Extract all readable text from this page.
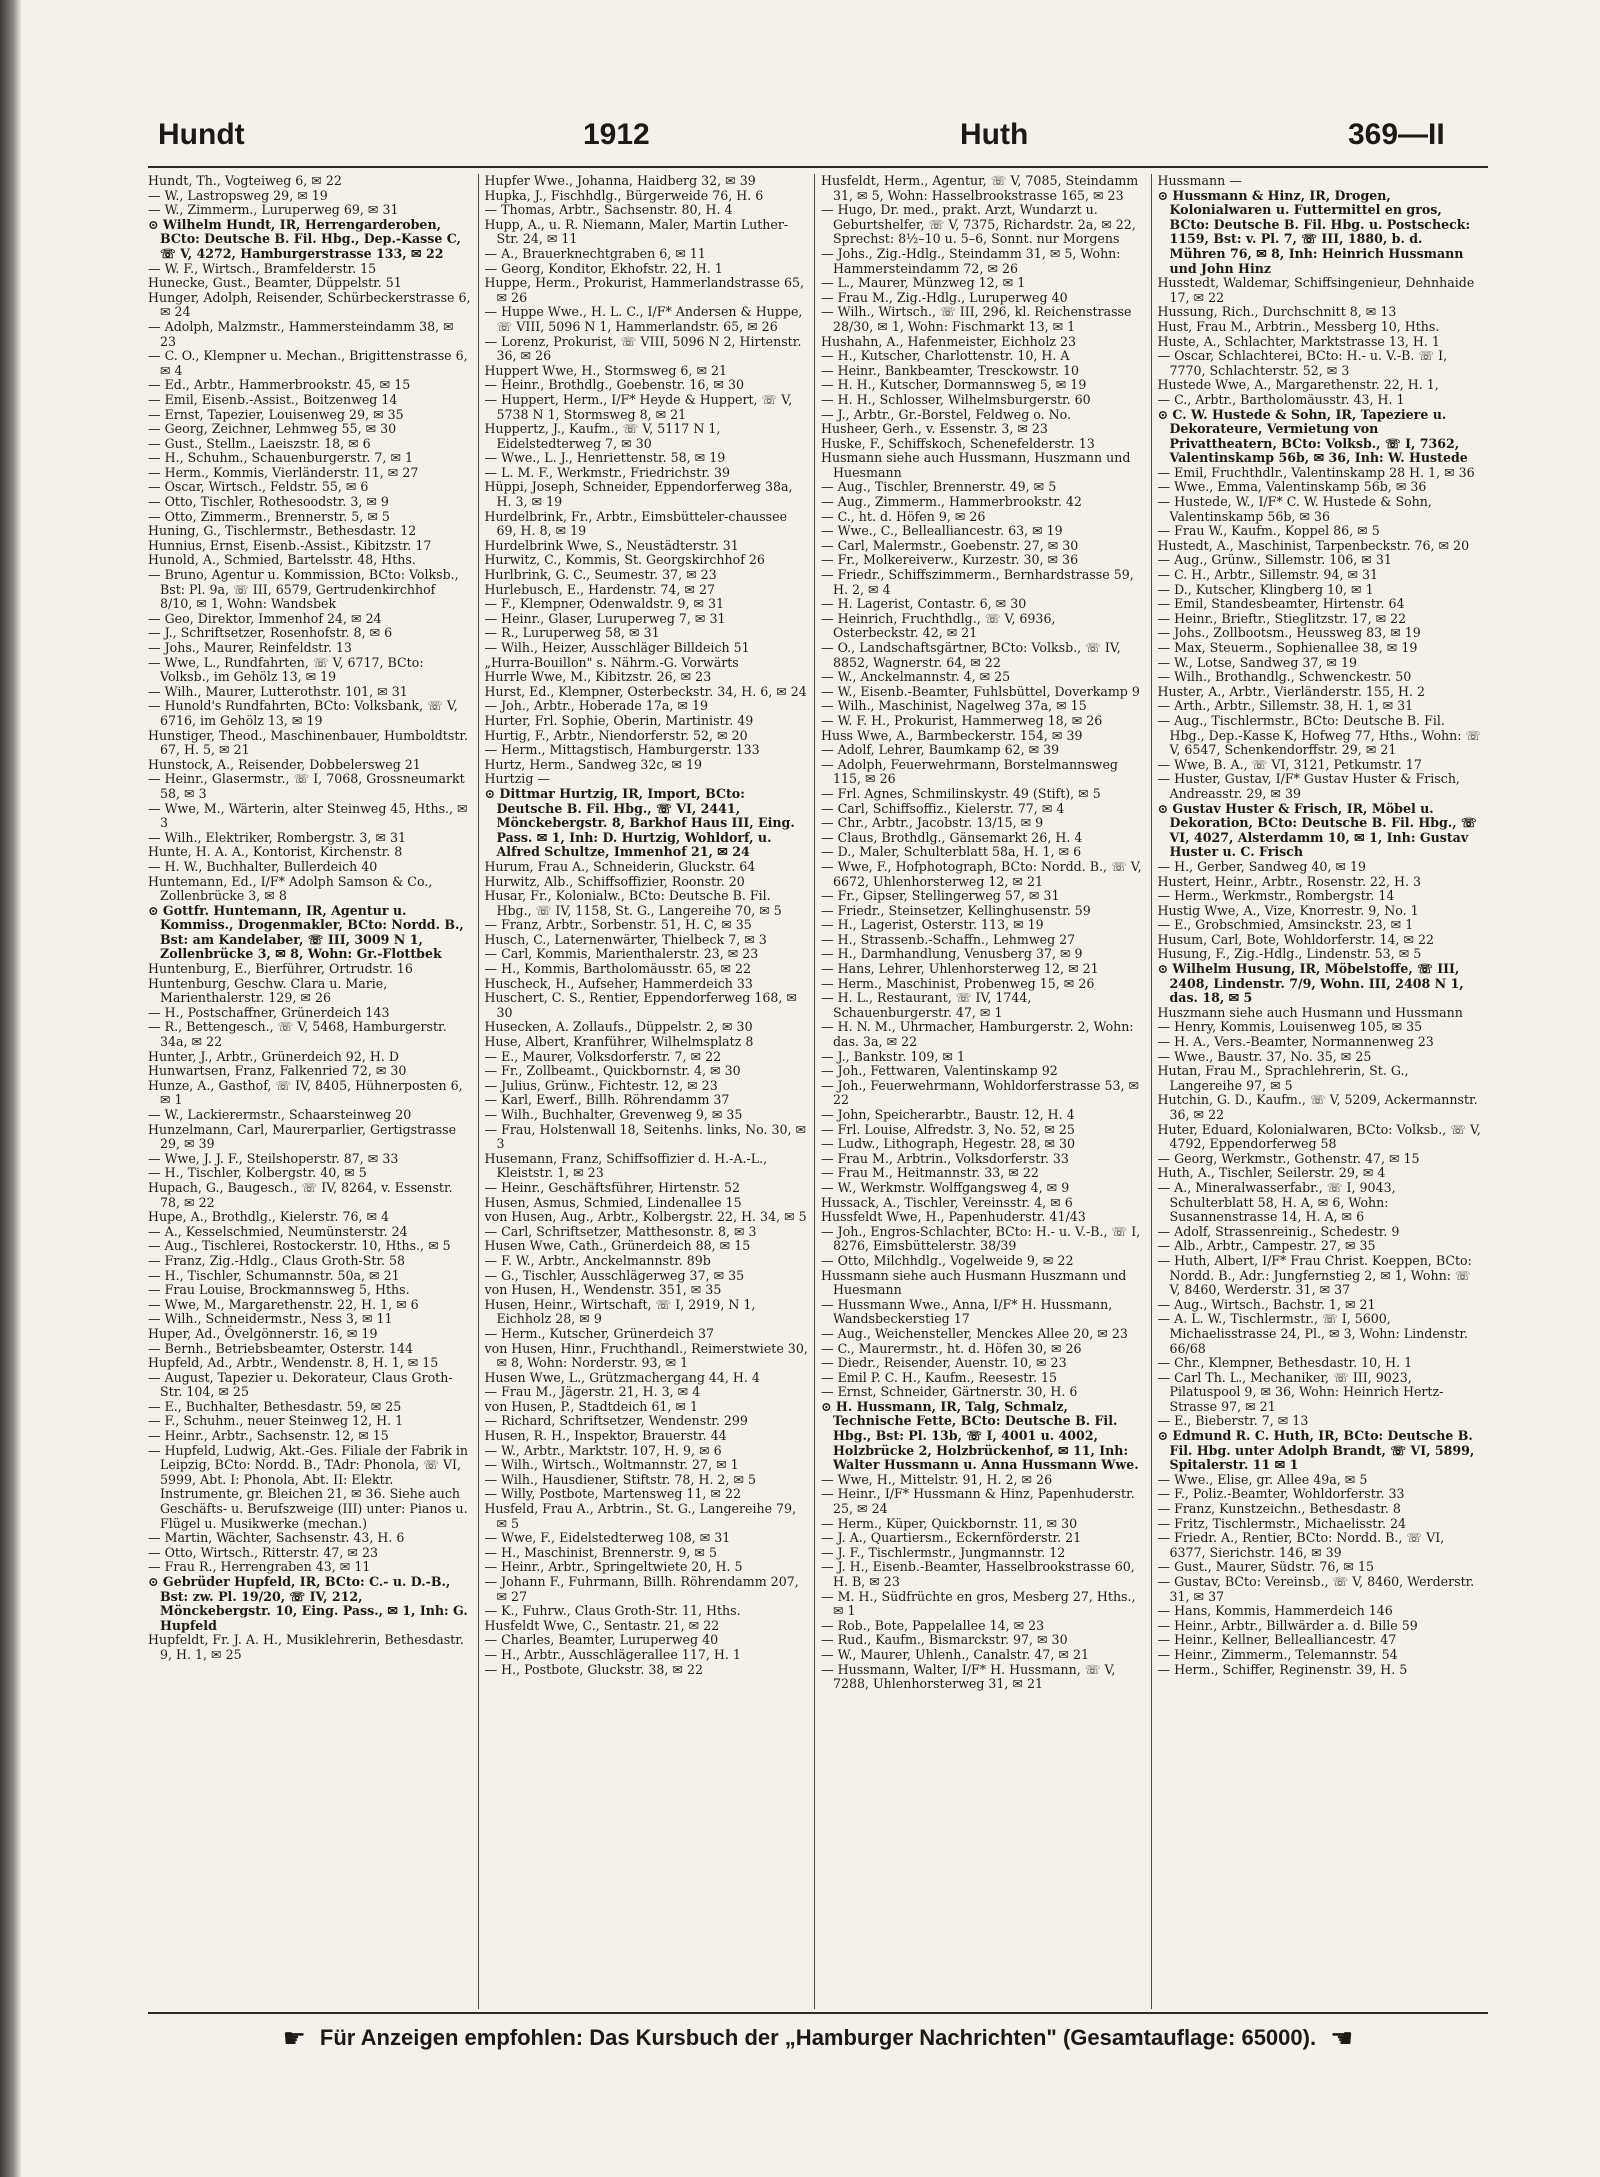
Hundt	1912	Huth	369—II

Hundt, Th., Vogteiweg 6, ✉ 22

— W., Lastropsweg 29, ✉ 19

— W., Zimmerm., Luruperweg 69, ✉ 31

⊙ Wilhelm Hundt, IR, Herrengarderoben, BCto: Deutsche B. Fil. Hbg., Dep.-Kasse C, ☏ V, 4272, Hamburgerstrasse 133, ✉ 22

— W. F., Wirtsch., Bramfelderstr. 15

Hunecke, Gust., Beamter, Düppelstr. 51

Hunger, Adolph, Reisender, Schürbeckerstrasse 6, ✉ 24

— Adolph, Malzmstr., Hammersteindamm 38, ✉ 23

— C. O., Klempner u. Mechan., Brigittenstrasse 6, ✉ 4

— Ed., Arbtr., Hammerbrookstr. 45, ✉ 15

— Emil, Eisenb.-Assist., Boitzenweg 14

— Ernst, Tapezier, Louisenweg 29, ✉ 35

— Georg, Zeichner, Lehmweg 55, ✉ 30

— Gust., Stellm., Laeiszstr. 18, ✉ 6

— H., Schuhm., Schauenburgerstr. 7, ✉ 1

— Herm., Kommis, Vierländerstr. 11, ✉ 27

— Oscar, Wirtsch., Feldstr. 55, ✉ 6

— Otto, Tischler, Rothesoodstr. 3, ✉ 9

— Otto, Zimmerm., Brennerstr. 5, ✉ 5

Huning, G., Tischlermstr., Bethesdastr. 12

Hunnius, Ernst, Eisenb.-Assist., Kibitzstr. 17

Hunold, A., Schmied, Bartelsstr. 48, Hths.

— Bruno, Agentur u. Kommission, BCto: Volksb., Bst: Pl. 9a, ☏ III, 6579, Gertrudenkirchhof 8/10, ✉ 1, Wohn: Wandsbek

— Geo, Direktor, Immenhof 24, ✉ 24

— J., Schriftsetzer, Rosenhofstr. 8, ✉ 6

— Johs., Maurer, Reinfeldstr. 13

— Wwe, L., Rundfahrten, ☏ V, 6717, BCto: Volksb., im Gehölz 13, ✉ 19

— Wilh., Maurer, Lutterothstr. 101, ✉ 31

— Hunold's Rundfahrten, BCto: Volksbank, ☏ V, 6716, im Gehölz 13, ✉ 19

Hunstiger, Theod., Maschinenbauer, Humboldtstr. 67, H. 5, ✉ 21

Hunstock, A., Reisender, Dobbelersweg 21

— Heinr., Glasermstr., ☏ I, 7068, Grossneumarkt 58, ✉ 3

— Wwe, M., Wärterin, alter Steinweg 45, Hths., ✉ 3

— Wilh., Elektriker, Rombergstr. 3, ✉ 31

Hunte, H. A. A., Kontorist, Kirchenstr. 8

— H. W., Buchhalter, Bullerdeich 40

Huntemann, Ed., I/F* Adolph Samson & Co., Zollenbrücke 3, ✉ 8

⊙ Gottfr. Huntemann, IR, Agentur u. Kommiss., Drogenmakler, BCto: Nordd. B., Bst: am Kandelaber, ☏ III, 3009 N 1, Zollenbrücke 3, ✉ 8, Wohn: Gr.-Flottbek

Huntenburg, E., Bierführer, Ortrudstr. 16

Huntenburg, Geschw. Clara u. Marie, Marienthalerstr. 129, ✉ 26

— H., Postschaffner, Grünerdeich 143

— R., Bettengesch., ☏ V, 5468, Hamburgerstr. 34a, ✉ 22

Hunter, J., Arbtr., Grünerdeich 92, H. D

Hunwartsen, Franz, Falkenried 72, ✉ 30

Hunze, A., Gasthof, ☏ IV, 8405, Hühnerposten 6, ✉ 1

— W., Lackierermstr., Schaarsteinweg 20

Hunzelmann, Carl, Maurerparlier, Gertigstrasse 29, ✉ 39

— Wwe, J. J. F., Steilshoperstr. 87, ✉ 33

— H., Tischler, Kolbergstr. 40, ✉ 5

Hupach, G., Baugesch., ☏ IV, 8264, v. Essenstr. 78, ✉ 22

Hupe, A., Brothdlg., Kielerstr. 76, ✉ 4

— A., Kesselschmied, Neumünsterstr. 24

— Aug., Tischlerei, Rostockerstr. 10, Hths., ✉ 5

— Franz, Zig.-Hdlg., Claus Groth-Str. 58

— H., Tischler, Schumannstr. 50a, ✉ 21

— Frau Louise, Brockmannsweg 5, Hths.

— Wwe, M., Margarethenstr. 22, H. 1, ✉ 6

— Wilh., Schneidermstr., Ness 3, ✉ 11

Huper, Ad., Övelgönnerstr. 16, ✉ 19

— Bernh., Betriebsbeamter, Osterstr. 144

Hupfeld, Ad., Arbtr., Wendenstr. 8, H. 1, ✉ 15

— August, Tapezier u. Dekorateur, Claus Groth-Str. 104, ✉ 25

— E., Buchhalter, Bethesdastr. 59, ✉ 25

— F., Schuhm., neuer Steinweg 12, H. 1

— Heinr., Arbtr., Sachsenstr. 12, ✉ 15

— Hupfeld, Ludwig, Akt.-Ges. Filiale der Fabrik in Leipzig, BCto: Nordd. B., TAdr: Phonola, ☏ VI, 5999, Abt. I: Phonola, Abt. II: Elektr. Instrumente, gr. Bleichen 21, ✉ 36. Siehe auch Geschäfts- u. Berufszweige (III) unter: Pianos u. Flügel u. Musikwerke (mechan.)

— Martin, Wächter, Sachsenstr. 43, H. 6

— Otto, Wirtsch., Ritterstr. 47, ✉ 23

— Frau R., Herrengraben 43, ✉ 11

⊙ Gebrüder Hupfeld, IR, BCto: C.- u. D.-B., Bst: zw. Pl. 19/20, ☏ IV, 212, Mönckebergstr. 10, Eing. Pass., ✉ 1, Inh: G. Hupfeld

Hupfeldt, Fr. J. A. H., Musiklehrerin, Bethesdastr. 9, H. 1, ✉ 25

Hupfer Wwe., Johanna, Haidberg 32, ✉ 39

Hupka, J., Fischhdlg., Bürgerweide 76, H. 6

— Thomas, Arbtr., Sachsenstr. 80, H. 4

Hupp, A., u. R. Niemann, Maler, Martin Luther-Str. 24, ✉ 11

— A., Brauerknechtgraben 6, ✉ 11

— Georg, Konditor, Ekhofstr. 22, H. 1

Huppe, Herm., Prokurist, Hammerlandstrasse 65, ✉ 26

— Huppe Wwe., H. L. C., I/F* Andersen & Huppe, ☏ VIII, 5096 N 1, Hammerlandstr. 65, ✉ 26

— Lorenz, Prokurist, ☏ VIII, 5096 N 2, Hirtenstr. 36, ✉ 26

Huppert Wwe, H., Stormsweg 6, ✉ 21

— Heinr., Brothdlg., Goebenstr. 16, ✉ 30

— Huppert, Herm., I/F* Heyde & Huppert, ☏ V, 5738 N 1, Stormsweg 8, ✉ 21

Huppertz, J., Kaufm., ☏ V, 5117 N 1, Eidelstedterweg 7, ✉ 30

— Wwe., L. J., Henriettenstr. 58, ✉ 19

— L. M. F., Werkmstr., Friedrichstr. 39

Hüppi, Joseph, Schneider, Eppendorferweg 38a, H. 3, ✉ 19

Hurdelbrink, Fr., Arbtr., Eimsbütteler-chaussee 69, H. 8, ✉ 19

Hurdelbrink Wwe, S., Neustädterstr. 31

Hurwitz, C., Kommis, St. Georgskirchhof 26

Hurlbrink, G. C., Seumestr. 37, ✉ 23

Hurlebusch, E., Hardenstr. 74, ✉ 27

— F., Klempner, Odenwaldstr. 9, ✉ 31

— Heinr., Glaser, Luruperweg 7, ✉ 31

— R., Luruperweg 58, ✉ 31

— Wilh., Heizer, Ausschläger Billdeich 51

„Hurra-Bouillon" s. Nährm.-G. Vorwärts

Hurrle Wwe, M., Kibitzstr. 26, ✉ 23

Hurst, Ed., Klempner, Osterbeckstr. 34, H. 6, ✉ 24

— Joh., Arbtr., Hoberade 17a, ✉ 19

Hurter, Frl. Sophie, Oberin, Martinistr. 49

Hurtig, F., Arbtr., Niendorferstr. 52, ✉ 20

— Herm., Mittagstisch, Hamburgerstr. 133

Hurtz, Herm., Sandweg 32c, ✉ 19

Hurtzig —

⊙ Dittmar Hurtzig, IR, Import, BCto: Deutsche B. Fil. Hbg., ☏ VI, 2441, Mönckebergstr. 8, Barkhof Haus III, Eing. Pass. ✉ 1, Inh: D. Hurtzig, Wohldorf, u. Alfred Schultze, Immenhof 21, ✉ 24

Hurum, Frau A., Schneiderin, Gluckstr. 64

Hurwitz, Alb., Schiffsoffizier, Roonstr. 20

Husar, Fr., Kolonialw., BCto: Deutsche B. Fil. Hbg., ☏ IV, 1158, St. G., Langereihe 70, ✉ 5

— Franz, Arbtr., Sorbenstr. 51, H. C, ✉ 35

Husch, C., Laternenwärter, Thielbeck 7, ✉ 3

— Carl, Kommis, Marienthalerstr. 23, ✉ 23

— H., Kommis, Bartholomäusstr. 65, ✉ 22

Huscheck, H., Aufseher, Hammerdeich 33

Huschert, C. S., Rentier, Eppendorferweg 168, ✉ 30

Husecken, A. Zollaufs., Düppelstr. 2, ✉ 30

Huse, Albert, Kranführer, Wilhelmsplatz 8

— E., Maurer, Volksdorferstr. 7, ✉ 22

— Fr., Zollbeamt., Quickbornstr. 4, ✉ 30

— Julius, Grünw., Fichtestr. 12, ✉ 23

— Karl, Ewerf., Billh. Röhrendamm 37

— Wilh., Buchhalter, Grevenweg 9, ✉ 35

— Frau, Holstenwall 18, Seitenhs. links, No. 30, ✉ 3

Husemann, Franz, Schiffsoffizier d. H.-A.-L., Kleiststr. 1, ✉ 23

— Heinr., Geschäftsführer, Hirtenstr. 52

Husen, Asmus, Schmied, Lindenallee 15

von Husen, Aug., Arbtr., Kolbergstr. 22, H. 34, ✉ 5

— Carl, Schriftsetzer, Matthesonstr. 8, ✉ 3

Husen Wwe, Cath., Grünerdeich 88, ✉ 15

— F. W., Arbtr., Anckelmannstr. 89b

— G., Tischler, Ausschlägerweg 37, ✉ 35

von Husen, H., Wendenstr. 351, ✉ 35

Husen, Heinr., Wirtschaft, ☏ I, 2919, N 1, Eichholz 28, ✉ 9

— Herm., Kutscher, Grünerdeich 37

von Husen, Hinr., Fruchthandl., Reimerstwiete 30, ✉ 8, Wohn: Norderstr. 93, ✉ 1

Husen Wwe, L., Grützmachergang 44, H. 4

— Frau M., Jägerstr. 21, H. 3, ✉ 4

von Husen, P., Stadtdeich 61, ✉ 1

— Richard, Schriftsetzer, Wendenstr. 299

Husen, R. H., Inspektor, Brauerstr. 44

— W., Arbtr., Marktstr. 107, H. 9, ✉ 6

— Wilh., Wirtsch., Woltmannstr. 27, ✉ 1

— Wilh., Hausdiener, Stiftstr. 78, H. 2, ✉ 5

— Willy, Postbote, Martensweg 11, ✉ 22

Husfeld, Frau A., Arbtrin., St. G., Langereihe 79, ✉ 5

— Wwe, F., Eidelstedterweg 108, ✉ 31

— H., Maschinist, Brennerstr. 9, ✉ 5

— Heinr., Arbtr., Springeltwiete 20, H. 5

— Johann F., Fuhrmann, Billh. Röhrendamm 207, ✉ 27

— K., Fuhrw., Claus Groth-Str. 11, Hths.

Husfeldt Wwe, C., Sentastr. 21, ✉ 22

— Charles, Beamter, Luruperweg 40

— H., Arbtr., Ausschlägerallee 117, H. 1

— H., Postbote, Gluckstr. 38, ✉ 22

Husfeldt, Herm., Agentur, ☏ V, 7085, Steindamm 31, ✉ 5, Wohn: Hasselbrookstrasse 165, ✉ 23

— Hugo, Dr. med., prakt. Arzt, Wundarzt u. Geburtshelfer, ☏ V, 7375, Richardstr. 2a, ✉ 22, Sprechst: 8½–10 u. 5–6, Sonnt. nur Morgens

— Johs., Zig.-Hdlg., Steindamm 31, ✉ 5, Wohn: Hammersteindamm 72, ✉ 26

— L., Maurer, Münzweg 12, ✉ 1

— Frau M., Zig.-Hdlg., Luruperweg 40

— Wilh., Wirtsch., ☏ III, 296, kl. Reichenstrasse 28/30, ✉ 1, Wohn: Fischmarkt 13, ✉ 1

Hushahn, A., Hafenmeister, Eichholz 23

— H., Kutscher, Charlottenstr. 10, H. A

— Heinr., Bankbeamter, Tresckowstr. 10

— H. H., Kutscher, Dormannsweg 5, ✉ 19

— H. H., Schlosser, Wilhelmsburgerstr. 60

— J., Arbtr., Gr.-Borstel, Feldweg o. No.

Husheer, Gerh., v. Essenstr. 3, ✉ 23

Huske, F., Schiffskoch, Schenefelderstr. 13

Husmann siehe auch Hussmann, Huszmann und Huesmann

— Aug., Tischler, Brennerstr. 49, ✉ 5

— Aug., Zimmerm., Hammerbrookstr. 42

— C., ht. d. Höfen 9, ✉ 26

— Wwe., C., Bellealliancestr. 63, ✉ 19

— Carl, Malermstr., Goebenstr. 27, ✉ 30

— Fr., Molkereiverw., Kurzestr. 30, ✉ 36

— Friedr., Schiffszimmerm., Bernhardstrasse 59, H. 2, ✉ 4

— H. Lagerist, Contastr. 6, ✉ 30

— Heinrich, Fruchthdlg., ☏ V, 6936, Osterbeckstr. 42, ✉ 21

— O., Landschaftsgärtner, BCto: Volksb., ☏ IV, 8852, Wagnerstr. 64, ✉ 22

— W., Anckelmannstr. 4, ✉ 25

— W., Eisenb.-Beamter, Fuhlsbüttel, Doverkamp 9

— Wilh., Maschinist, Nagelweg 37a, ✉ 15

— W. F. H., Prokurist, Hammerweg 18, ✉ 26

Huss Wwe, A., Barmbeckerstr. 154, ✉ 39

— Adolf, Lehrer, Baumkamp 62, ✉ 39

— Adolph, Feuerwehrmann, Borstelmannsweg 115, ✉ 26

— Frl. Agnes, Schmilinskystr. 49 (Stift), ✉ 5

— Carl, Schiffsoffiz., Kielerstr. 77, ✉ 4

— Chr., Arbtr., Jacobstr. 13/15, ✉ 9

— Claus, Brothdlg., Gänsemarkt 26, H. 4

— D., Maler, Schulterblatt 58a, H. 1, ✉ 6

— Wwe, F., Hofphotograph, BCto: Nordd. B., ☏ V, 6672, Uhlenhorsterweg 12, ✉ 21

— Fr., Gipser, Stellingerweg 57, ✉ 31

— Friedr., Steinsetzer, Kellinghusenstr. 59

— H., Lagerist, Osterstr. 113, ✉ 19

— H., Strassenb.-Schaffn., Lehmweg 27

— H., Darmhandlung, Venusberg 37, ✉ 9

— Hans, Lehrer, Uhlenhorsterweg 12, ✉ 21

— Herm., Maschinist, Probenweg 15, ✉ 26

— H. L., Restaurant, ☏ IV, 1744, Schauenburgerstr. 47, ✉ 1

— H. N. M., Uhrmacher, Hamburgerstr. 2, Wohn: das. 3a, ✉ 22

— J., Bankstr. 109, ✉ 1

— Joh., Fettwaren, Valentinskamp 92

— Joh., Feuerwehrmann, Wohldorferstrasse 53, ✉ 22

— John, Speicherarbtr., Baustr. 12, H. 4

— Frl. Louise, Alfredstr. 3, No. 52, ✉ 25

— Ludw., Lithograph, Hegestr. 28, ✉ 30

— Frau M., Arbtrin., Volksdorferstr. 33

— Frau M., Heitmannstr. 33, ✉ 22

— W., Werkmstr. Wolffgangsweg 4, ✉ 9

Hussack, A., Tischler, Vereinsstr. 4, ✉ 6

Hussfeldt Wwe, H., Papenhuderstr. 41/43

— Joh., Engros-Schlachter, BCto: H.- u. V.-B., ☏ I, 8276, Eimsbüttelerstr. 38/39

— Otto, Milchhdlg., Vogelweide 9, ✉ 22

Hussmann siehe auch Husmann Huszmann und Huesmann

— Hussmann Wwe., Anna, I/F* H. Hussmann, Wandsbeckerstieg 17

— Aug., Weichensteller, Menckes Allee 20, ✉ 23

— C., Maurermstr., ht. d. Höfen 30, ✉ 26

— Diedr., Reisender, Auenstr. 10, ✉ 23

— Emil P. C. H., Kaufm., Reesestr. 15

— Ernst, Schneider, Gärtnerstr. 30, H. 6

⊙ H. Hussmann, IR, Talg, Schmalz, Technische Fette, BCto: Deutsche B. Fil. Hbg., Bst: Pl. 13b, ☏ I, 4001 u. 4002, Holzbrücke 2, Holzbrückenhof, ✉ 11, Inh: Walter Hussmann u. Anna Hussmann Wwe.

— Wwe, H., Mittelstr. 91, H. 2, ✉ 26

— Heinr., I/F* Hussmann & Hinz, Papenhuderstr. 25, ✉ 24

— Herm., Küper, Quickbornstr. 11, ✉ 30

— J. A., Quartiersm., Eckernförderstr. 21

— J. F., Tischlermstr., Jungmannstr. 12

— J. H., Eisenb.-Beamter, Hasselbrookstrasse 60, H. B, ✉ 23

— M. H., Südfrüchte en gros, Mesberg 27, Hths., ✉ 1

— Rob., Bote, Pappelallee 14, ✉ 23

— Rud., Kaufm., Bismarckstr. 97, ✉ 30

— W., Maurer, Uhlenh., Canalstr. 47, ✉ 21

— Hussmann, Walter, I/F* H. Hussmann, ☏ V, 7288, Uhlenhorsterweg 31, ✉ 21

Hussmann —

⊙ Hussmann & Hinz, IR, Drogen, Kolonialwaren u. Futtermittel en gros, BCto: Deutsche B. Fil. Hbg. u. Postscheck: 1159, Bst: v. Pl. 7, ☏ III, 1880, b. d. Mühren 76, ✉ 8, Inh: Heinrich Hussmann und John Hinz

Husstedt, Waldemar, Schiffsingenieur, Dehnhaide 17, ✉ 22

Hussung, Rich., Durchschnitt 8, ✉ 13

Hust, Frau M., Arbtrin., Messberg 10, Hths.

Huste, A., Schlachter, Marktstrasse 13, H. 1

— Oscar, Schlachterei, BCto: H.- u. V.-B. ☏ I, 7770, Schlachterstr. 52, ✉ 3

Hustede Wwe, A., Margarethenstr. 22, H. 1,

— C., Arbtr., Bartholomäusstr. 43, H. 1

⊙ C. W. Hustede & Sohn, IR, Tapeziere u. Dekorateure, Vermietung von Privattheatern, BCto: Volksb., ☏ I, 7362, Valentinskamp 56b, ✉ 36, Inh: W. Hustede

— Emil, Fruchthdlr., Valentinskamp 28 H. 1, ✉ 36

— Wwe., Emma, Valentinskamp 56b, ✉ 36

— Hustede, W., I/F* C. W. Hustede & Sohn, Valentinskamp 56b, ✉ 36

— Frau W., Kaufm., Koppel 86, ✉ 5

Hustedt, A., Maschinist, Tarpenbeckstr. 76, ✉ 20

— Aug., Grünw., Sillemstr. 106, ✉ 31

— C. H., Arbtr., Sillemstr. 94, ✉ 31

— D., Kutscher, Klingberg 10, ✉ 1

— Emil, Standesbeamter, Hirtenstr. 64

— Heinr., Brieftr., Stieglitzstr. 17, ✉ 22

— Johs., Zollbootsm., Heussweg 83, ✉ 19

— Max, Steuerm., Sophienallee 38, ✉ 19

— W., Lotse, Sandweg 37, ✉ 19

— Wilh., Brothandlg., Schwenckestr. 50

Huster, A., Arbtr., Vierländerstr. 155, H. 2

— Arth., Arbtr., Sillemstr. 38, H. 1, ✉ 31

— Aug., Tischlermstr., BCto: Deutsche B. Fil. Hbg., Dep.-Kasse K, Hofweg 77, Hths., Wohn: ☏ V, 6547, Schenkendorffstr. 29, ✉ 21

— Wwe, B. A., ☏ VI, 3121, Petkumstr. 17

— Huster, Gustav, I/F* Gustav Huster & Frisch, Andreasstr. 29, ✉ 39

⊙ Gustav Huster & Frisch, IR, Möbel u. Dekoration, BCto: Deutsche B. Fil. Hbg., ☏ VI, 4027, Alsterdamm 10, ✉ 1, Inh: Gustav Huster u. C. Frisch

— H., Gerber, Sandweg 40, ✉ 19

Hustert, Heinr., Arbtr., Rosenstr. 22, H. 3

— Herm., Werkmstr., Rombergstr. 14

Hustig Wwe, A., Vize, Knorrestr. 9, No. 1

— E., Grobschmied, Amsinckstr. 23, ✉ 1

Husum, Carl, Bote, Wohldorferstr. 14, ✉ 22

Husung, F., Zig.-Hdlg., Lindenstr. 53, ✉ 5

⊙ Wilhelm Husung, IR, Möbelstoffe, ☏ III, 2408, Lindenstr. 7/9, Wohn. III, 2408 N 1, das. 18, ✉ 5

Huszmann siehe auch Husmann und Hussmann

— Henry, Kommis, Louisenweg 105, ✉ 35

— H. A., Vers.-Beamter, Normannenweg 23

— Wwe., Baustr. 37, No. 35, ✉ 25

Hutan, Frau M., Sprachlehrerin, St. G., Langereihe 97, ✉ 5

Hutchin, G. D., Kaufm., ☏ V, 5209, Ackermannstr. 36, ✉ 22

Huter, Eduard, Kolonialwaren, BCto: Volksb., ☏ V, 4792, Eppendorferweg 58

— Georg, Werkmstr., Gothenstr. 47, ✉ 15

Huth, A., Tischler, Seilerstr. 29, ✉ 4

— A., Mineralwasserfabr., ☏ I, 9043, Schulterblatt 58, H. A, ✉ 6, Wohn: Susannenstrasse 14, H. A, ✉ 6

— Adolf, Strassenreinig., Schedestr. 9

— Alb., Arbtr., Campestr. 27, ✉ 35

— Huth, Albert, I/F* Frau Christ. Koeppen, BCto: Nordd. B., Adr.: Jungfernstieg 2, ✉ 1, Wohn: ☏ V, 8460, Werderstr. 31, ✉ 37

— Aug., Wirtsch., Bachstr. 1, ✉ 21

— A. L. W., Tischlermstr., ☏ I, 5600, Michaelisstrasse 24, Pl., ✉ 3, Wohn: Lindenstr. 66/68

— Chr., Klempner, Bethesdastr. 10, H. 1

— Carl Th. L., Mechaniker, ☏ III, 9023, Pilatuspool 9, ✉ 36, Wohn: Heinrich Hertz-Strasse 97, ✉ 21

— E., Bieberstr. 7, ✉ 13

⊙ Edmund R. C. Huth, IR, BCto: Deutsche B. Fil. Hbg. unter Adolph Brandt, ☏ VI, 5899, Spitalerstr. 11 ✉ 1

— Wwe., Elise, gr. Allee 49a, ✉ 5

— F., Poliz.-Beamter, Wohldorferstr. 33

— Franz, Kunstzeichn., Bethesdastr. 8

— Fritz, Tischlermstr., Michaelisstr. 24

— Friedr. A., Rentier, BCto: Nordd. B., ☏ VI, 6377, Sierichstr. 146, ✉ 39

— Gust., Maurer, Südstr. 76, ✉ 15

— Gustav, BCto: Vereinsb., ☏ V, 8460, Werderstr. 31, ✉ 37

— Hans, Kommis, Hammerdeich 146

— Heinr., Arbtr., Billwärder a. d. Bille 59

— Heinr., Kellner, Bellealliancestr. 47

— Heinr., Zimmerm., Telemannstr. 54

— Herm., Schiffer, Reginenstr. 39, H. 5

☛ Für Anzeigen empfohlen: Das Kursbuch der „Hamburger Nachrichten" (Gesamtauflage: 65000). ☛
